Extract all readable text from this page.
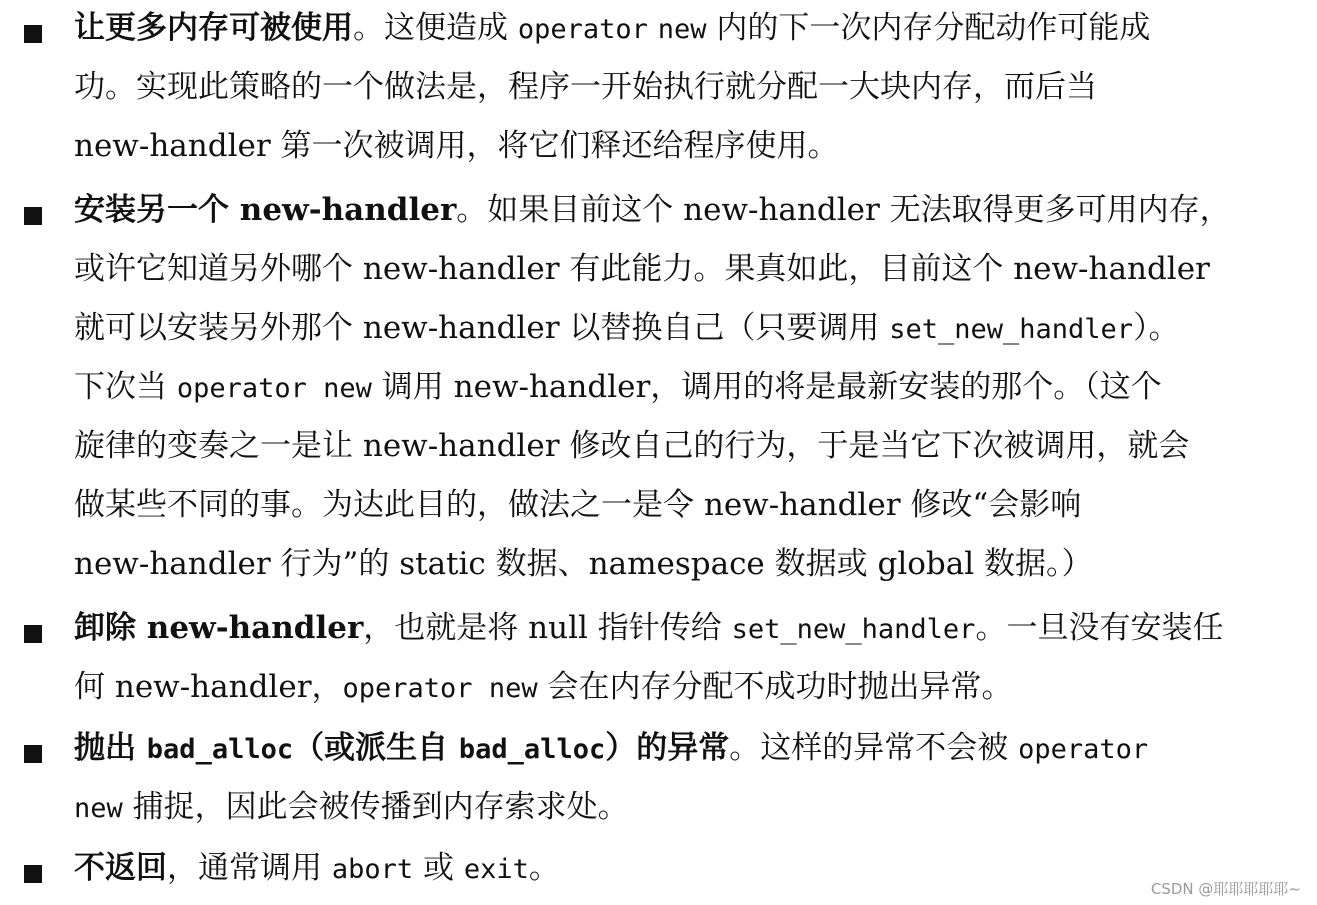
让更多内存可被使用。这便造成 operator new 内的下一次内存分配动作可能成
功。实现此策略的一个做法是，程序一开始执行就分配一大块内存，而后当
new-handler 第一次被调用，将它们释还给程序使用。
安装另一个 new-handler。如果目前这个 new-handler 无法取得更多可用内存，
或许它知道另外哪个 new-handler 有此能力。果真如此，目前这个 new-handler
就可以安装另外那个 new-handler 以替换自己（只要调用 set_new_handler）。
下次当 operator new 调用 new-handler，调用的将是最新安装的那个。（这个
旋律的变奏之一是让 new-handler 修改自己的行为，于是当它下次被调用，就会
做某些不同的事。为达此目的，做法之一是令 new-handler 修改“会影响
new-handler 行为”的 static 数据、namespace 数据或 global 数据。）
卸除 new-handler，也就是将 null 指针传给 set_new_handler。一旦没有安装任
何 new-handler，operator new 会在内存分配不成功时抛出异常。
抛出 bad_alloc（或派生自 bad_alloc）的异常。这样的异常不会被 operator
new 捕捉，因此会被传播到内存索求处。
不返回，通常调用 abort 或 exit。
CSDN @耶耶耶耶耶~
